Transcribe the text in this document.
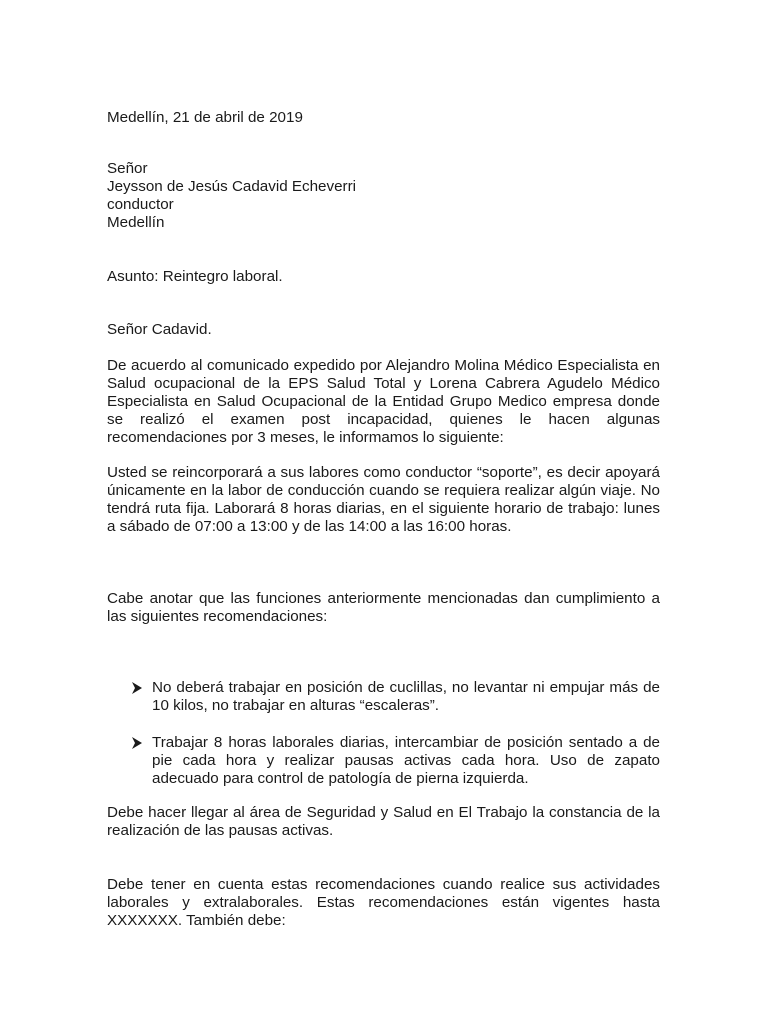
Medellín, 21 de abril de 2019

Señor
Jeysson de Jesús Cadavid Echeverri
conductor
Medellín

Asunto: Reintegro laboral.

Señor Cadavid.

De acuerdo al comunicado expedido por Alejandro Molina Médico Especialista en Salud ocupacional de la EPS Salud Total y Lorena Cabrera Agudelo Médico Especialista en Salud Ocupacional de la Entidad Grupo Medico empresa donde se realizó el examen post incapacidad, quienes le hacen algunas recomendaciones por 3 meses, le informamos lo siguiente:

Usted se reincorporará a sus labores como conductor “soporte”, es decir apoyará únicamente en la labor de conducción cuando se requiera realizar algún viaje. No tendrá ruta fija. Laborará 8 horas diarias, en el siguiente horario de trabajo: lunes a sábado de 07:00 a 13:00 y de las 14:00 a las 16:00 horas.

Cabe anotar que las funciones anteriormente mencionadas dan cumplimiento a las siguientes recomendaciones:

No deberá trabajar en posición de cuclillas, no levantar ni empujar más de 10 kilos, no trabajar en alturas “escaleras”.
Trabajar 8 horas laborales diarias, intercambiar de posición sentado a de pie cada hora y realizar pausas activas cada hora. Uso de zapato adecuado para control de patología de pierna izquierda.

Debe hacer llegar al área de Seguridad y Salud en El Trabajo la constancia de la realización de las pausas activas.

Debe tener en cuenta estas recomendaciones cuando realice sus actividades laborales y extralaborales. Estas recomendaciones están vigentes hasta XXXXXXX. También debe:
